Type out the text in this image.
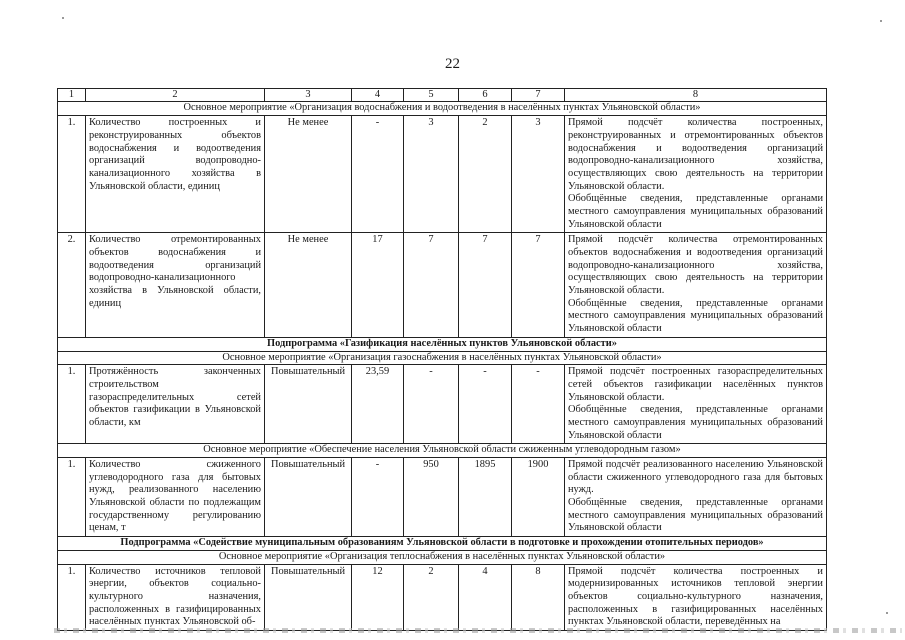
22
1	2	3	4	5	6	7	8
Основное мероприятие «Организация водоснабжения и водоотведения в населённых пунктах Ульяновской области»							
1.	Количество построенных и реконструированных объектов водоснабжения и водоотведения организаций водопроводно-канализационного хозяйства в Ульяновской области, единиц	Не менее	-	3	2	3	Прямой подсчёт количества построенных, реконструированных и отремонтированных объектов водоснабжения и водоотведения организаций водопроводно-канализационного хозяйства, осуществляющих свою деятельность на территории Ульяновской области.

Обобщённые сведения, представленные органами местного самоуправления муниципальных образований Ульяновской области

2.	Количество отремонтированных объектов водоснабжения и водоотведения организаций водопроводно-канализационного хозяйства в Ульяновской области, единиц	Не менее	17	7	7	7	Прямой подсчёт количества отремонтированных объектов водоснабжения и водоотведения организаций водопроводно-канализационного хозяйства, осуществляющих свою деятельность на территории Ульяновской области.

Обобщённые сведения, представленные органами местного самоуправления муниципальных образований Ульяновской области

Подпрограмма «Газификация населённых пунктов Ульяновской области»							
Основное мероприятие «Организация газоснабжения в населённых пунктах Ульяновской области»							
1.	Протяжённость законченных строительством газораспределительных сетей объектов газификации в Ульяновской области, км	Повышательный	23,59	-	-	-	Прямой подсчёт построенных газораспределительных сетей объектов газификации населённых пунктов Ульяновской области.

Обобщённые сведения, представленные органами местного самоуправления муниципальных образований Ульяновской области

Основное мероприятие «Обеспечение населения Ульяновской области сжиженным углеводородным газом»							
1.	Количество сжиженного углеводородного газа для бытовых нужд, реализованного населению Ульяновской области по подлежащим государственному регулированию ценам, т	Повышательный	-	950	1895	1900	Прямой подсчёт реализованного населению Ульяновской области сжиженного углеводородного газа для бытовых нужд.

Обобщённые сведения, представленные органами местного самоуправления муниципальных образований Ульяновской области

Подпрограмма «Содействие муниципальным образованиям Ульяновской области в подготовке и прохождении отопительных периодов»							
Основное мероприятие «Организация теплоснабжения в населённых пунктах Ульяновской области»							
1.	Количество источников тепловой энергии, объектов социально-культурного назначения, расположенных в газифицированных населённых пунктах Ульяновской об-	Повышательный	12	2	4	8	Прямой подсчёт количества построенных и модернизированных источников тепловой энергии объектов социально-культурного назначения, расположенных в газифицированных населённых пунктах Ульяновской области, переведённых на
